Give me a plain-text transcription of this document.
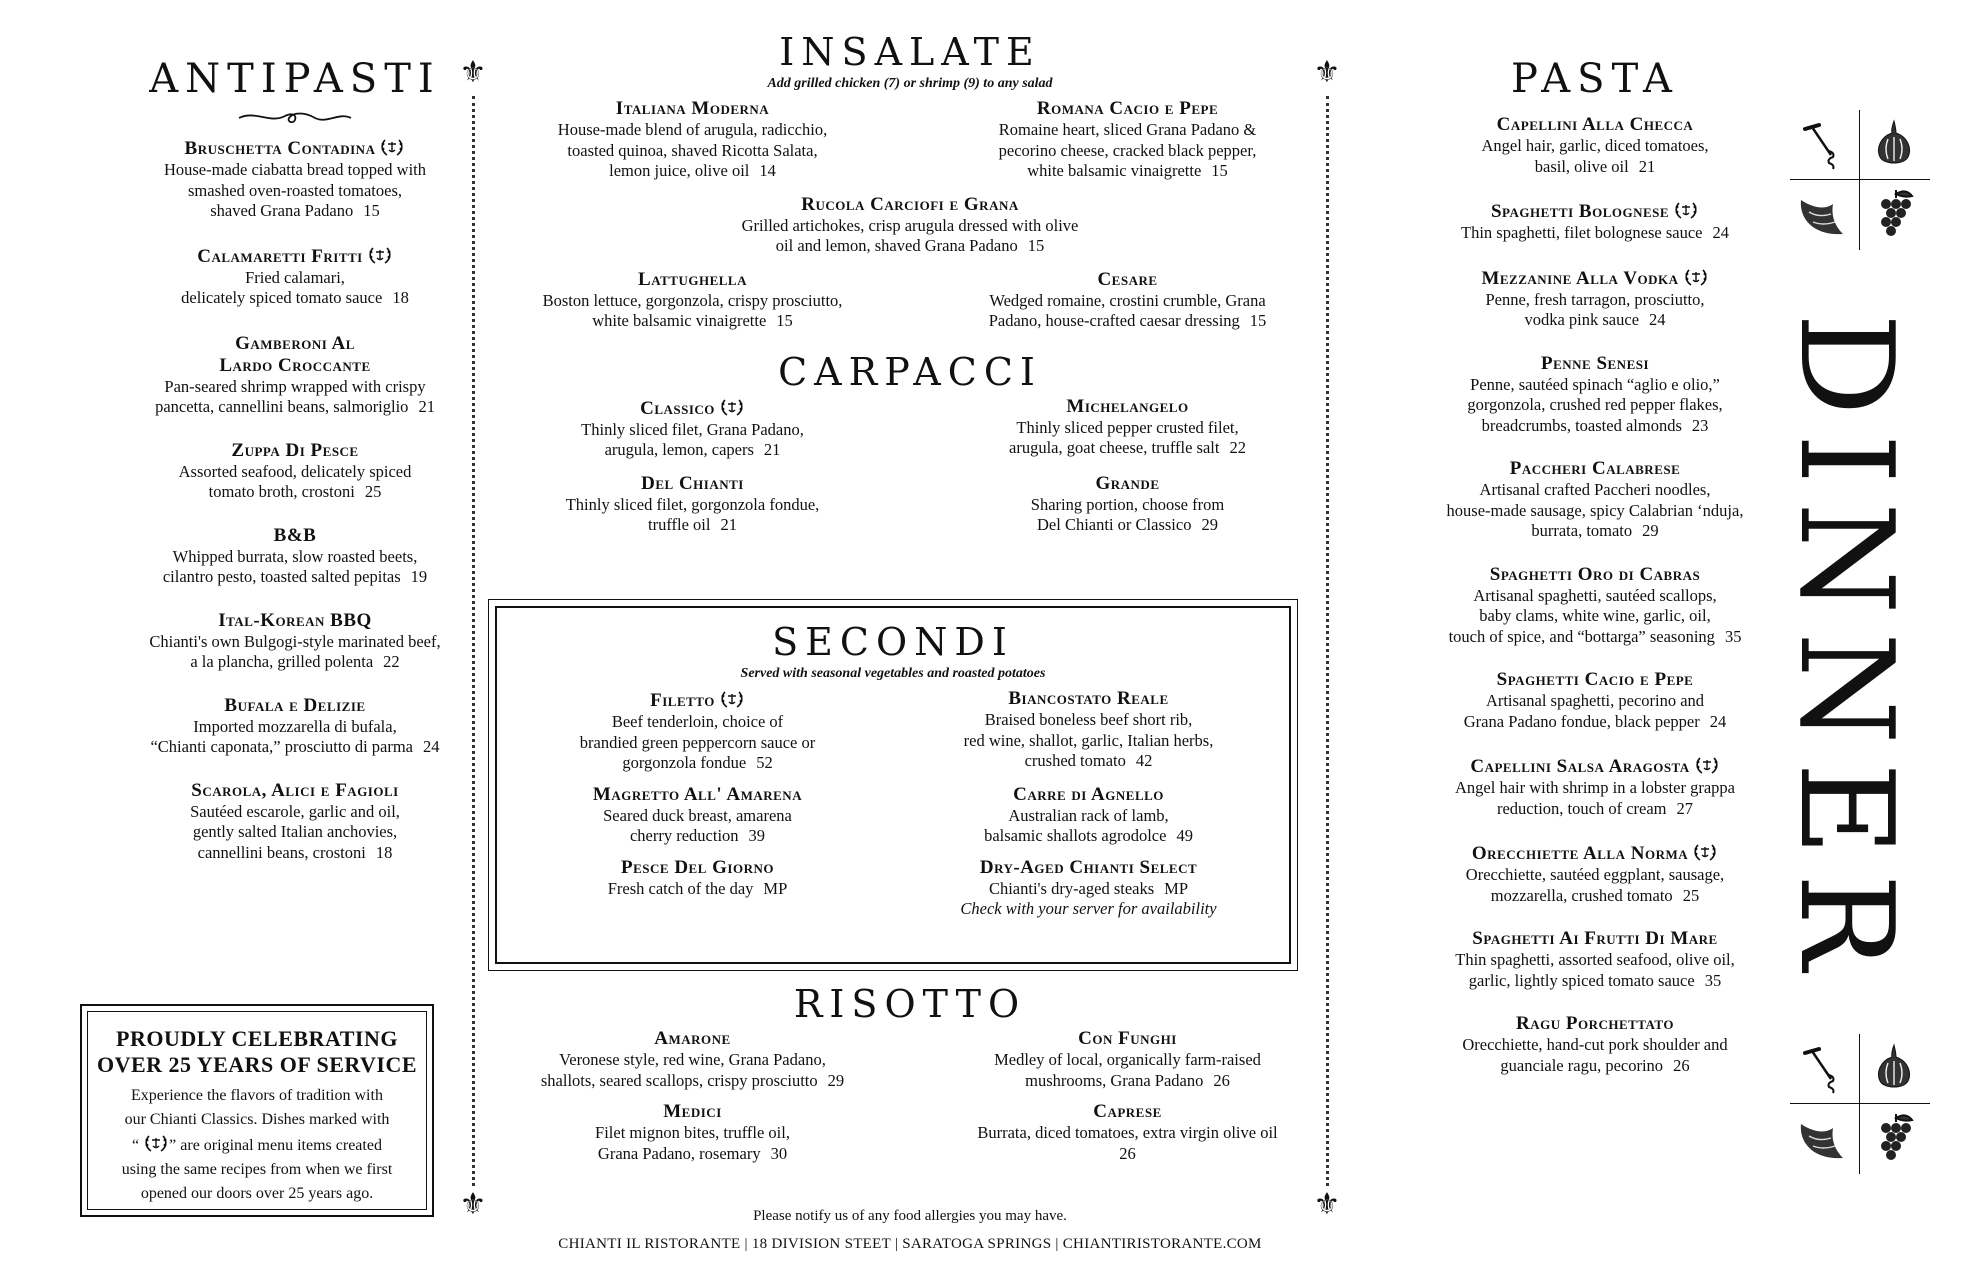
ANTIPASTI
Bruschetta Contadina
House-made ciabatta bread topped with
smashed oven-roasted tomatoes,
shaved Grana Padano 15
Calamaretti Fritti
Fried calamari,
delicately spiced tomato sauce 18
Gamberoni Al
Lardo Croccante
Pan-seared shrimp wrapped with crispy
pancetta, cannellini beans, salmoriglio 21
Zuppa Di Pesce
Assorted seafood, delicately spiced
tomato broth, crostoni 25
B&B
Whipped burrata, slow roasted beets,
cilantro pesto, toasted salted pepitas 19
Ital-Korean BBQ
Chianti's own Bulgogi-style marinated beef,
a la plancha, grilled polenta 22
Bufala e Delizie
Imported mozzarella di bufala,
“Chianti caponata,” prosciutto di parma 24
Scarola, Alici e Fagioli
Sautéed escarole, garlic and oil,
gently salted Italian anchovies,
cannellini beans, crostoni 18
PROUDLY CELEBRATING
OVER 25 YEARS OF SERVICE
Experience the flavors of tradition with
our Chianti Classics. Dishes marked with
“ ” are original menu items created
using the same recipes from when we first
opened our doors over 25 years ago.
⚜
⚜
⚜
⚜
INSALATE
Add grilled chicken (7) or shrimp (9) to any salad
Italiana Moderna
House-made blend of arugula, radicchio,
toasted quinoa, shaved Ricotta Salata,
lemon juice, olive oil 14
Romana Cacio e Pepe
Romaine heart, sliced Grana Padano &
pecorino cheese, cracked black pepper,
white balsamic vinaigrette 15
Rucola Carciofi e Grana
Grilled artichokes, crisp arugula dressed with olive
oil and lemon, shaved Grana Padano 15
Lattughella
Boston lettuce, gorgonzola, crispy prosciutto,
white balsamic vinaigrette 15
Cesare
Wedged romaine, crostini crumble, Grana
Padano, house-crafted caesar dressing 15
CARPACCI
Classico
Thinly sliced filet, Grana Padano,
arugula, lemon, capers 21
Michelangelo
Thinly sliced pepper crusted filet,
arugula, goat cheese, truffle salt 22
Del Chianti
Thinly sliced filet, gorgonzola fondue,
truffle oil 21
Grande
Sharing portion, choose from
Del Chianti or Classico 29
SECONDI
Served with seasonal vegetables and roasted potatoes
Filetto
Beef tenderloin, choice of
brandied green peppercorn sauce or
gorgonzola fondue 52
Biancostato Reale
Braised boneless beef short rib,
red wine, shallot, garlic, Italian herbs,
crushed tomato 42
Magretto All' Amarena
Seared duck breast, amarena
cherry reduction 39
Carre di Agnello
Australian rack of lamb,
balsamic shallots agrodolce 49
Pesce Del Giorno
Fresh catch of the day MP
Dry-Aged Chianti Select
Chianti's dry-aged steaks MP
Check with your server for availability
RISOTTO
Amarone
Veronese style, red wine, Grana Padano,
shallots, seared scallops, crispy prosciutto 29
Con Funghi
Medley of local, organically farm-raised
mushrooms, Grana Padano 26
Medici
Filet mignon bites, truffle oil,
Grana Padano, rosemary 30
Caprese
Burrata, diced tomatoes, extra virgin olive oil
26
Please notify us of any food allergies you may have.
CHIANTI IL RISTORANTE | 18 DIVISION STEET | SARATOGA SPRINGS | CHIANTIRISTORANTE.COM
PASTA
Capellini Alla Checca
Angel hair, garlic, diced tomatoes,
basil, olive oil 21
Spaghetti Bolognese
Thin spaghetti, filet bolognese sauce 24
Mezzanine Alla Vodka
Penne, fresh tarragon, prosciutto,
vodka pink sauce 24
Penne Senesi
Penne, sautéed spinach “aglio e olio,”
gorgonzola, crushed red pepper flakes,
breadcrumbs, toasted almonds 23
Paccheri Calabrese
Artisanal crafted Paccheri noodles,
house-made sausage, spicy Calabrian ‘nduja,
burrata, tomato 29
Spaghetti Oro di Cabras
Artisanal spaghetti, sautéed scallops,
baby clams, white wine, garlic, oil,
touch of spice, and “bottarga” seasoning 35
Spaghetti Cacio e Pepe
Artisanal spaghetti, pecorino and
Grana Padano fondue, black pepper 24
Capellini Salsa Aragosta
Angel hair with shrimp in a lobster grappa
reduction, touch of cream 27
Orecchiette Alla Norma
Orecchiette, sautéed eggplant, sausage,
mozzarella, crushed tomato 25
Spaghetti Ai Frutti Di Mare
Thin spaghetti, assorted seafood, olive oil,
garlic, lightly spiced tomato sauce 35
Ragu Porchettato
Orecchiette, hand-cut pork shoulder and
guanciale ragu, pecorino 26
DINNER
